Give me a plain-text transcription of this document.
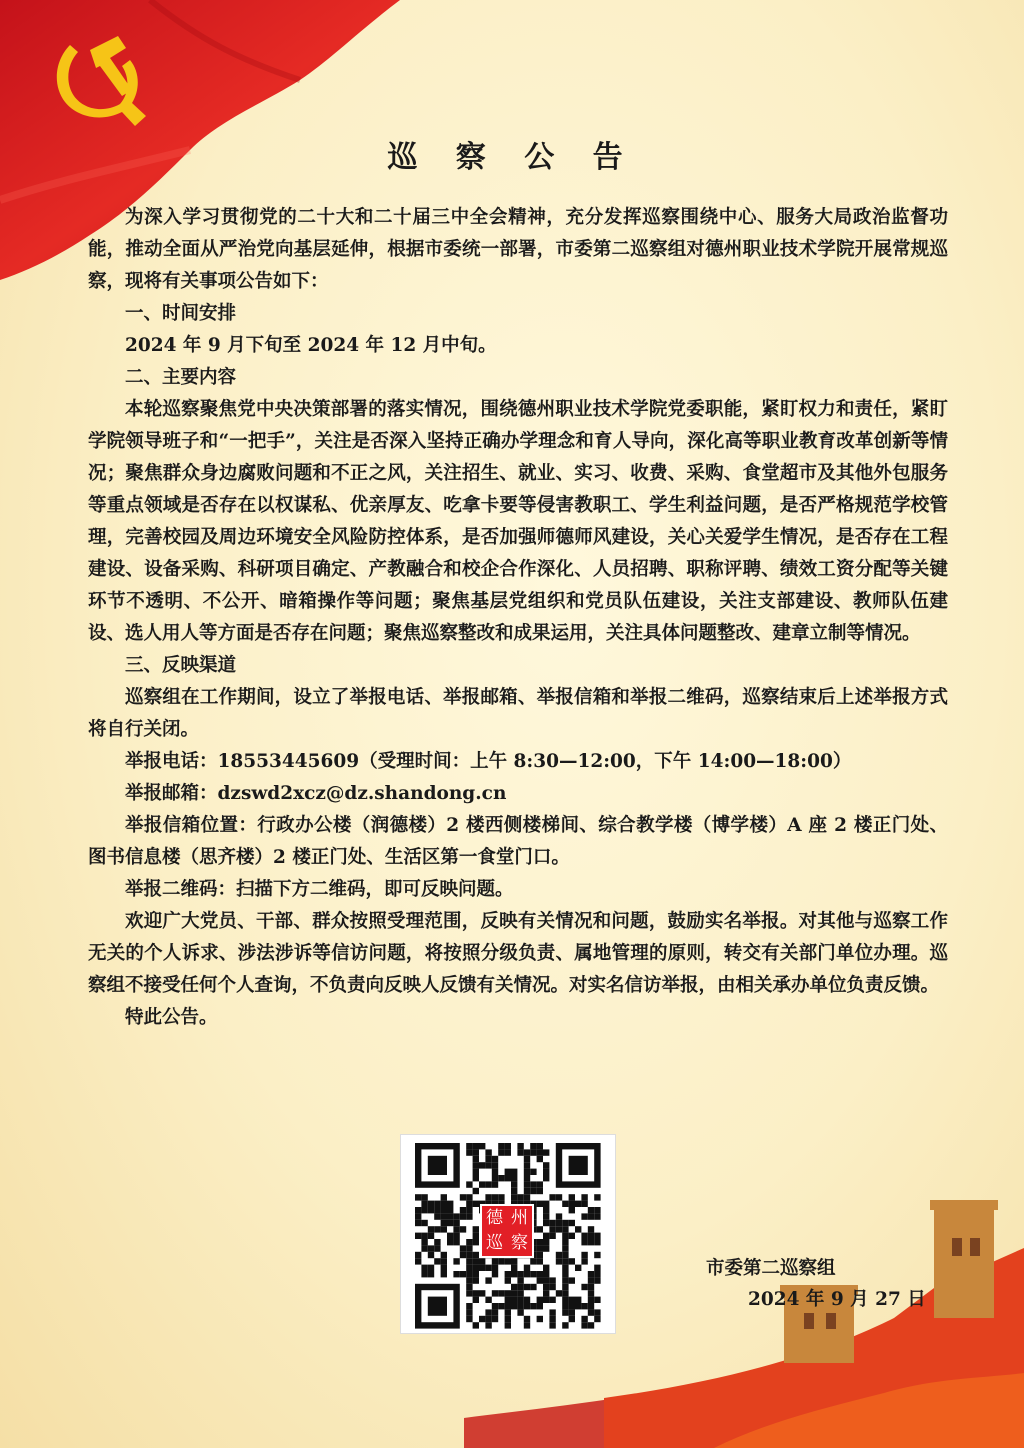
巡 察 公 告

为深入学习贯彻党的二十大和二十届三中全会精神，充分发挥巡察围绕中心、服务大局政治监督功能，推动全面从严治党向基层延伸，根据市委统一部署，市委第二巡察组对德州职业技术学院开展常规巡察，现将有关事项公告如下：

一、时间安排

2024 年 9 月下旬至 2024 年 12 月中旬。

二、主要内容

本轮巡察聚焦党中央决策部署的落实情况，围绕德州职业技术学院党委职能，紧盯权力和责任，紧盯学院领导班子和“一把手”，关注是否深入坚持正确办学理念和育人导向，深化高等职业教育改革创新等情况；聚焦群众身边腐败问题和不正之风，关注招生、就业、实习、收费、采购、食堂超市及其他外包服务等重点领域是否存在以权谋私、优亲厚友、吃拿卡要等侵害教职工、学生利益问题，是否严格规范学校管理，完善校园及周边环境安全风险防控体系，是否加强师德师风建设，关心关爱学生情况，是否存在工程建设、设备采购、科研项目确定、产教融合和校企合作深化、人员招聘、职称评聘、绩效工资分配等关键环节不透明、不公开、暗箱操作等问题；聚焦基层党组织和党员队伍建设，关注支部建设、教师队伍建设、选人用人等方面是否存在问题；聚焦巡察整改和成果运用，关注具体问题整改、建章立制等情况。

三、反映渠道

巡察组在工作期间，设立了举报电话、举报邮箱、举报信箱和举报二维码，巡察结束后上述举报方式将自行关闭。

举报电话：18553445609（受理时间：上午 8:30—12:00，下午 14:00—18:00）

举报邮箱：dzswd2xcz@dz.shandong.cn

举报信箱位置：行政办公楼（润德楼）2 楼西侧楼梯间、综合教学楼（博学楼）A 座 2 楼正门处、图书信息楼（思齐楼）2 楼正门处、生活区第一食堂门口。

举报二维码：扫描下方二维码，即可反映问题。

欢迎广大党员、干部、群众按照受理范围，反映有关情况和问题，鼓励实名举报。对其他与巡察工作无关的个人诉求、涉法涉诉等信访问题，将按照分级负责、属地管理的原则，转交有关部门单位办理。巡察组不接受任何个人查询，不负责向反映人反馈有关情况。对实名信访举报，由相关承办单位负责反馈。

特此公告。

德 州
巡 察
市委第二巡察组
2024 年 9 月 27 日
